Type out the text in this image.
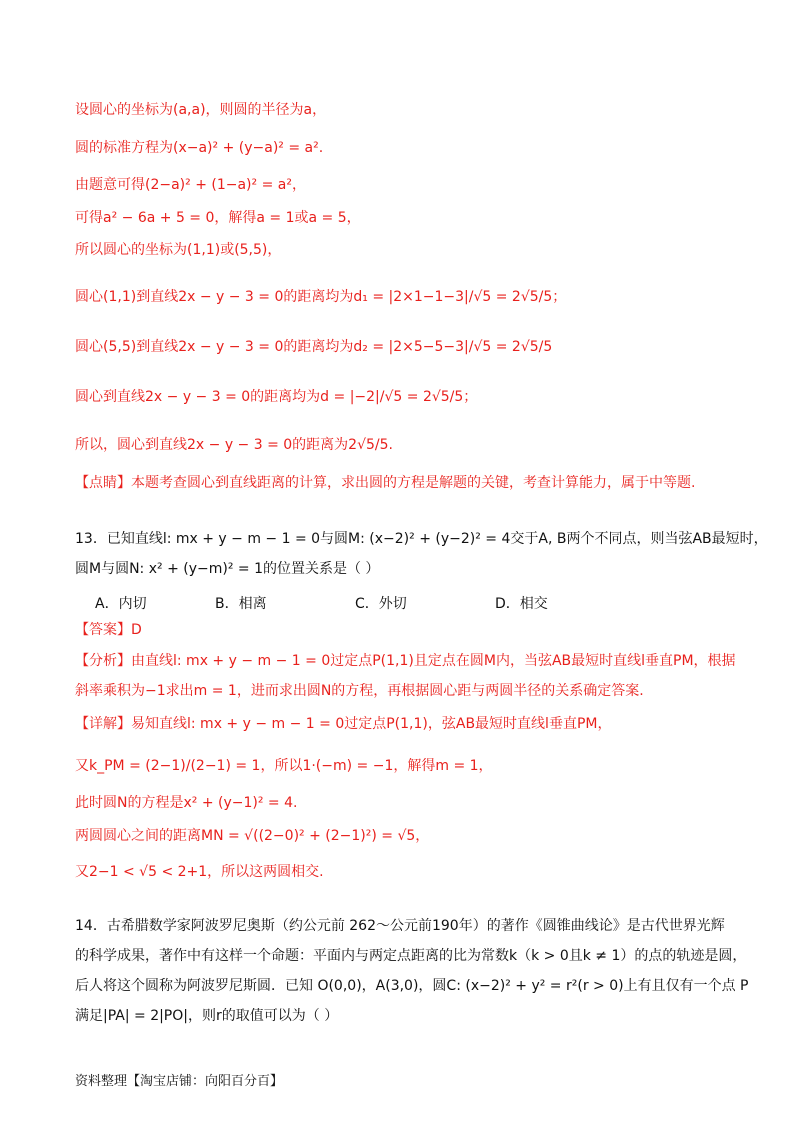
设圆心的坐标为(a,a)，则圆的半径为a，
圆的标准方程为(x−a)² + (y−a)² = a².
由题意可得(2−a)² + (1−a)² = a²，
可得a² − 6a + 5 = 0，解得a = 1或a = 5，
所以圆心的坐标为(1,1)或(5,5)，
圆心(1,1)到直线2x − y − 3 = 0的距离均为d₁ = |2×1−1−3|/√5 = 2√5/5；
圆心(5,5)到直线2x − y − 3 = 0的距离均为d₂ = |2×5−5−3|/√5 = 2√5/5
圆心到直线2x − y − 3 = 0的距离均为d = |−2|/√5 = 2√5/5；
所以，圆心到直线2x − y − 3 = 0的距离为2√5/5.
【点睛】本题考查圆心到直线距离的计算，求出圆的方程是解题的关键，考查计算能力，属于中等题.
13．已知直线l: mx + y − m − 1 = 0与圆M: (x−2)² + (y−2)² = 4交于A, B两个不同点，则当弦AB最短时，
圆M与圆N: x² + (y−m)² = 1的位置关系是（ ）
A．内切	B．相离	C．外切	D．相交
【答案】D
【分析】由直线l: mx + y − m − 1 = 0过定点P(1,1)且定点在圆M内，当弦AB最短时直线l垂直PM，根据
斜率乘积为−1求出m = 1，进而求出圆N的方程，再根据圆心距与两圆半径的关系确定答案.
【详解】易知直线l: mx + y − m − 1 = 0过定点P(1,1)，弦AB最短时直线l垂直PM，
又k_PM = (2−1)/(2−1) = 1，所以1·(−m) = −1，解得m = 1，
此时圆N的方程是x² + (y−1)² = 4.
两圆圆心之间的距离MN = √((2−0)² + (2−1)²) = √5，
又2−1 < √5 < 2+1，所以这两圆相交.
14．古希腊数学家阿波罗尼奥斯（约公元前 262～公元前190年）的著作《圆锥曲线论》是古代世界光辉
的科学成果，著作中有这样一个命题：平面内与两定点距离的比为常数k（k > 0且k ≠ 1）的点的轨迹是圆，
后人将这个圆称为阿波罗尼斯圆．已知 O(0,0)，A(3,0)，圆C: (x−2)² + y² = r²(r > 0)上有且仅有一个点 P
满足|PA| = 2|PO|，则r的取值可以为（ ）
资料整理【淘宝店铺：向阳百分百】
